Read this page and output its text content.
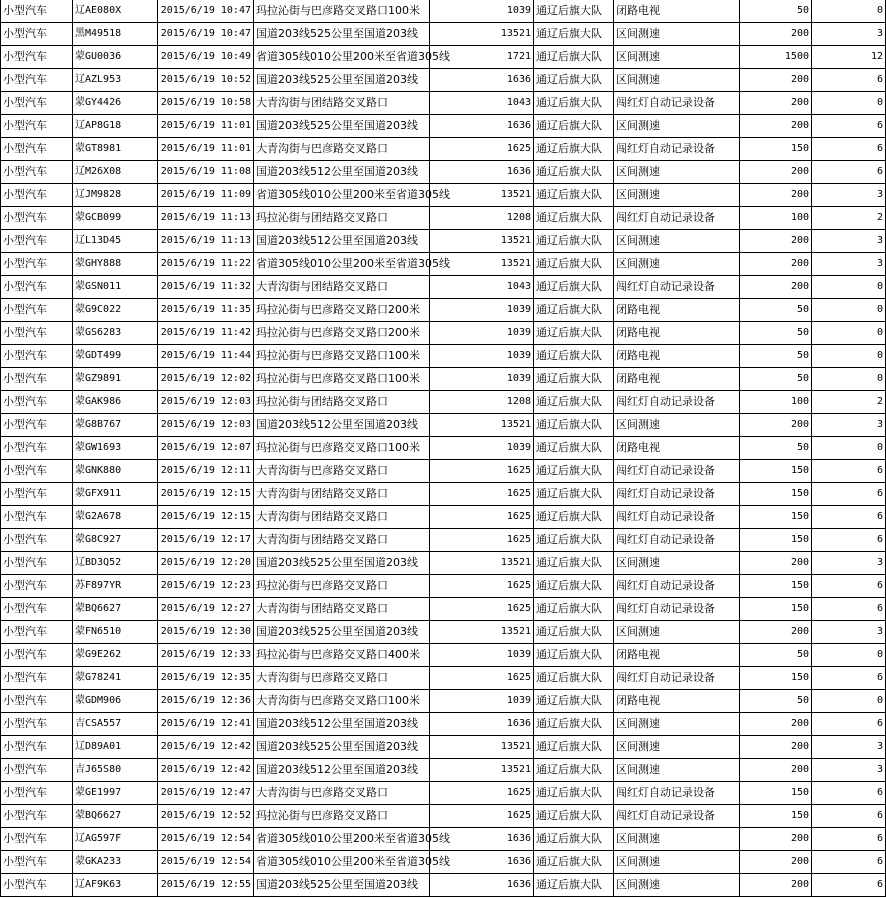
小型汽车	辽AE080X	2015/6/19 10:47	玛拉沁街与巴彦路交叉路口100米	1039	通辽后旗大队	闭路电视	50	0
小型汽车	黑M49518	2015/6/19 10:47	国道203线525公里至国道203线	13521	通辽后旗大队	区间测速	200	3
小型汽车	蒙GU0036	2015/6/19 10:49	省道305线010公里200米至省道305线	1721	通辽后旗大队	区间测速	1500	12
小型汽车	辽AZL953	2015/6/19 10:52	国道203线525公里至国道203线	1636	通辽后旗大队	区间测速	200	6
小型汽车	蒙GY4426	2015/6/19 10:58	大青沟街与团结路交叉路口	1043	通辽后旗大队	闯红灯自动记录设备	200	0
小型汽车	辽AP8G18	2015/6/19 11:01	国道203线525公里至国道203线	1636	通辽后旗大队	区间测速	200	6
小型汽车	蒙GT8981	2015/6/19 11:01	大青沟街与巴彦路交叉路口	1625	通辽后旗大队	闯红灯自动记录设备	150	6
小型汽车	辽M26X08	2015/6/19 11:08	国道203线512公里至国道203线	1636	通辽后旗大队	区间测速	200	6
小型汽车	辽JM9828	2015/6/19 11:09	省道305线010公里200米至省道305线	13521	通辽后旗大队	区间测速	200	3
小型汽车	蒙GCB099	2015/6/19 11:13	玛拉沁街与团结路交叉路口	1208	通辽后旗大队	闯红灯自动记录设备	100	2
小型汽车	辽L13D45	2015/6/19 11:13	国道203线512公里至国道203线	13521	通辽后旗大队	区间测速	200	3
小型汽车	蒙GHY888	2015/6/19 11:22	省道305线010公里200米至省道305线	13521	通辽后旗大队	区间测速	200	3
小型汽车	蒙GSN011	2015/6/19 11:32	大青沟街与团结路交叉路口	1043	通辽后旗大队	闯红灯自动记录设备	200	0
小型汽车	蒙G9C022	2015/6/19 11:35	玛拉沁街与巴彦路交叉路口200米	1039	通辽后旗大队	闭路电视	50	0
小型汽车	蒙GS6283	2015/6/19 11:42	玛拉沁街与巴彦路交叉路口200米	1039	通辽后旗大队	闭路电视	50	0
小型汽车	蒙GDT499	2015/6/19 11:44	玛拉沁街与巴彦路交叉路口100米	1039	通辽后旗大队	闭路电视	50	0
小型汽车	蒙GZ9891	2015/6/19 12:02	玛拉沁街与巴彦路交叉路口100米	1039	通辽后旗大队	闭路电视	50	0
小型汽车	蒙GAK986	2015/6/19 12:03	玛拉沁街与团结路交叉路口	1208	通辽后旗大队	闯红灯自动记录设备	100	2
小型汽车	蒙G8B767	2015/6/19 12:03	国道203线512公里至国道203线	13521	通辽后旗大队	区间测速	200	3
小型汽车	蒙GW1693	2015/6/19 12:07	玛拉沁街与巴彦路交叉路口100米	1039	通辽后旗大队	闭路电视	50	0
小型汽车	蒙GNK880	2015/6/19 12:11	大青沟街与巴彦路交叉路口	1625	通辽后旗大队	闯红灯自动记录设备	150	6
小型汽车	蒙GFX911	2015/6/19 12:15	大青沟街与团结路交叉路口	1625	通辽后旗大队	闯红灯自动记录设备	150	6
小型汽车	蒙G2A678	2015/6/19 12:15	大青沟街与团结路交叉路口	1625	通辽后旗大队	闯红灯自动记录设备	150	6
小型汽车	蒙G8C927	2015/6/19 12:17	大青沟街与团结路交叉路口	1625	通辽后旗大队	闯红灯自动记录设备	150	6
小型汽车	辽BD3Q52	2015/6/19 12:20	国道203线525公里至国道203线	13521	通辽后旗大队	区间测速	200	3
小型汽车	苏F897YR	2015/6/19 12:23	玛拉沁街与巴彦路交叉路口	1625	通辽后旗大队	闯红灯自动记录设备	150	6
小型汽车	蒙BQ6627	2015/6/19 12:27	大青沟街与团结路交叉路口	1625	通辽后旗大队	闯红灯自动记录设备	150	6
小型汽车	蒙FN6510	2015/6/19 12:30	国道203线525公里至国道203线	13521	通辽后旗大队	区间测速	200	3
小型汽车	蒙G9E262	2015/6/19 12:33	玛拉沁街与巴彦路交叉路口400米	1039	通辽后旗大队	闭路电视	50	0
小型汽车	蒙G78241	2015/6/19 12:35	大青沟街与巴彦路交叉路口	1625	通辽后旗大队	闯红灯自动记录设备	150	6
小型汽车	蒙GDM906	2015/6/19 12:36	大青沟街与巴彦路交叉路口100米	1039	通辽后旗大队	闭路电视	50	0
小型汽车	吉CSA557	2015/6/19 12:41	国道203线512公里至国道203线	1636	通辽后旗大队	区间测速	200	6
小型汽车	辽D89A01	2015/6/19 12:42	国道203线525公里至国道203线	13521	通辽后旗大队	区间测速	200	3
小型汽车	吉J65S80	2015/6/19 12:42	国道203线512公里至国道203线	13521	通辽后旗大队	区间测速	200	3
小型汽车	蒙GE1997	2015/6/19 12:47	大青沟街与巴彦路交叉路口	1625	通辽后旗大队	闯红灯自动记录设备	150	6
小型汽车	蒙BQ6627	2015/6/19 12:52	玛拉沁街与巴彦路交叉路口	1625	通辽后旗大队	闯红灯自动记录设备	150	6
小型汽车	辽AG597F	2015/6/19 12:54	省道305线010公里200米至省道305线	1636	通辽后旗大队	区间测速	200	6
小型汽车	蒙GKA233	2015/6/19 12:54	省道305线010公里200米至省道305线	1636	通辽后旗大队	区间测速	200	6
小型汽车	辽AF9K63	2015/6/19 12:55	国道203线525公里至国道203线	1636	通辽后旗大队	区间测速	200	6
